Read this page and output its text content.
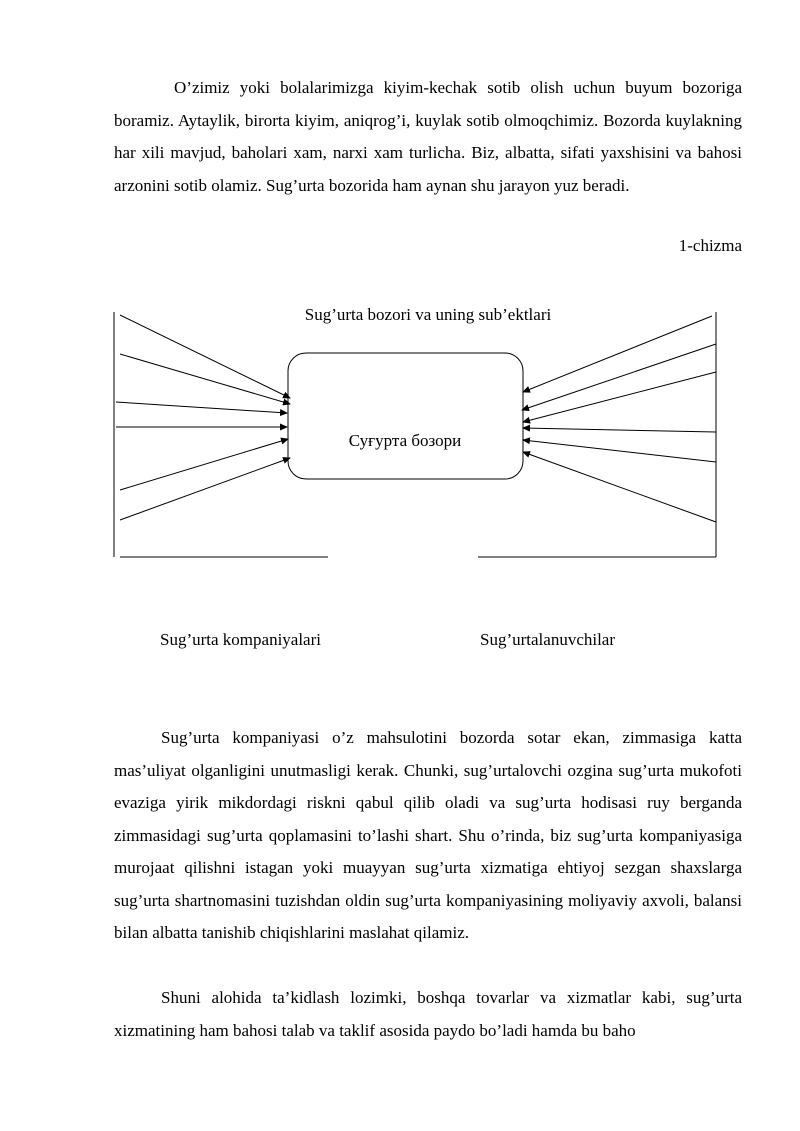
O’zimiz yoki bolalarimizga kiyim-kechak sotib olish uchun buyum bozoriga boramiz. Aytaylik, birorta kiyim, aniqrog’i, kuylak sotib olmoqchimiz. Bozorda kuylakning har xili mavjud, baholari xam, narxi xam turlicha. Biz, albatta, sifati yaxshisini va bahosi arzonini sotib olamiz. Sug’urta bozorida ham aynan shu jarayon yuz beradi.

1-chizma
Sug’urta bozori va uning sub’ektlari
Суғурта бозори
Sug’urta kompaniyalari	Sug’urtalanuvchilar

Sug’urta kompaniyasi o’z mahsulotini bozorda sotar ekan, zimmasiga katta mas’uliyat olganligini unutmasligi kerak. Chunki, sug’urtalovchi ozgina sug’urta mukofoti evaziga yirik mikdordagi riskni qabul qilib oladi va sug’urta hodisasi ruy berganda zimmasidagi sug’urta qoplamasini to’lashi shart. Shu o’rinda, biz sug’urta kompaniyasiga murojaat qilishni istagan yoki muayyan sug’urta xizmatiga ehtiyoj sezgan shaxslarga sug’urta shartnomasini tuzishdan oldin sug’urta kompaniyasining moliyaviy axvoli, balansi bilan albatta tanishib chiqishlarini maslahat qilamiz.

Shuni alohida ta’kidlash lozimki, boshqa tovarlar va xizmatlar kabi, sug’urta xizmatining ham bahosi talab va taklif asosida paydo bo’ladi hamda bu baho
